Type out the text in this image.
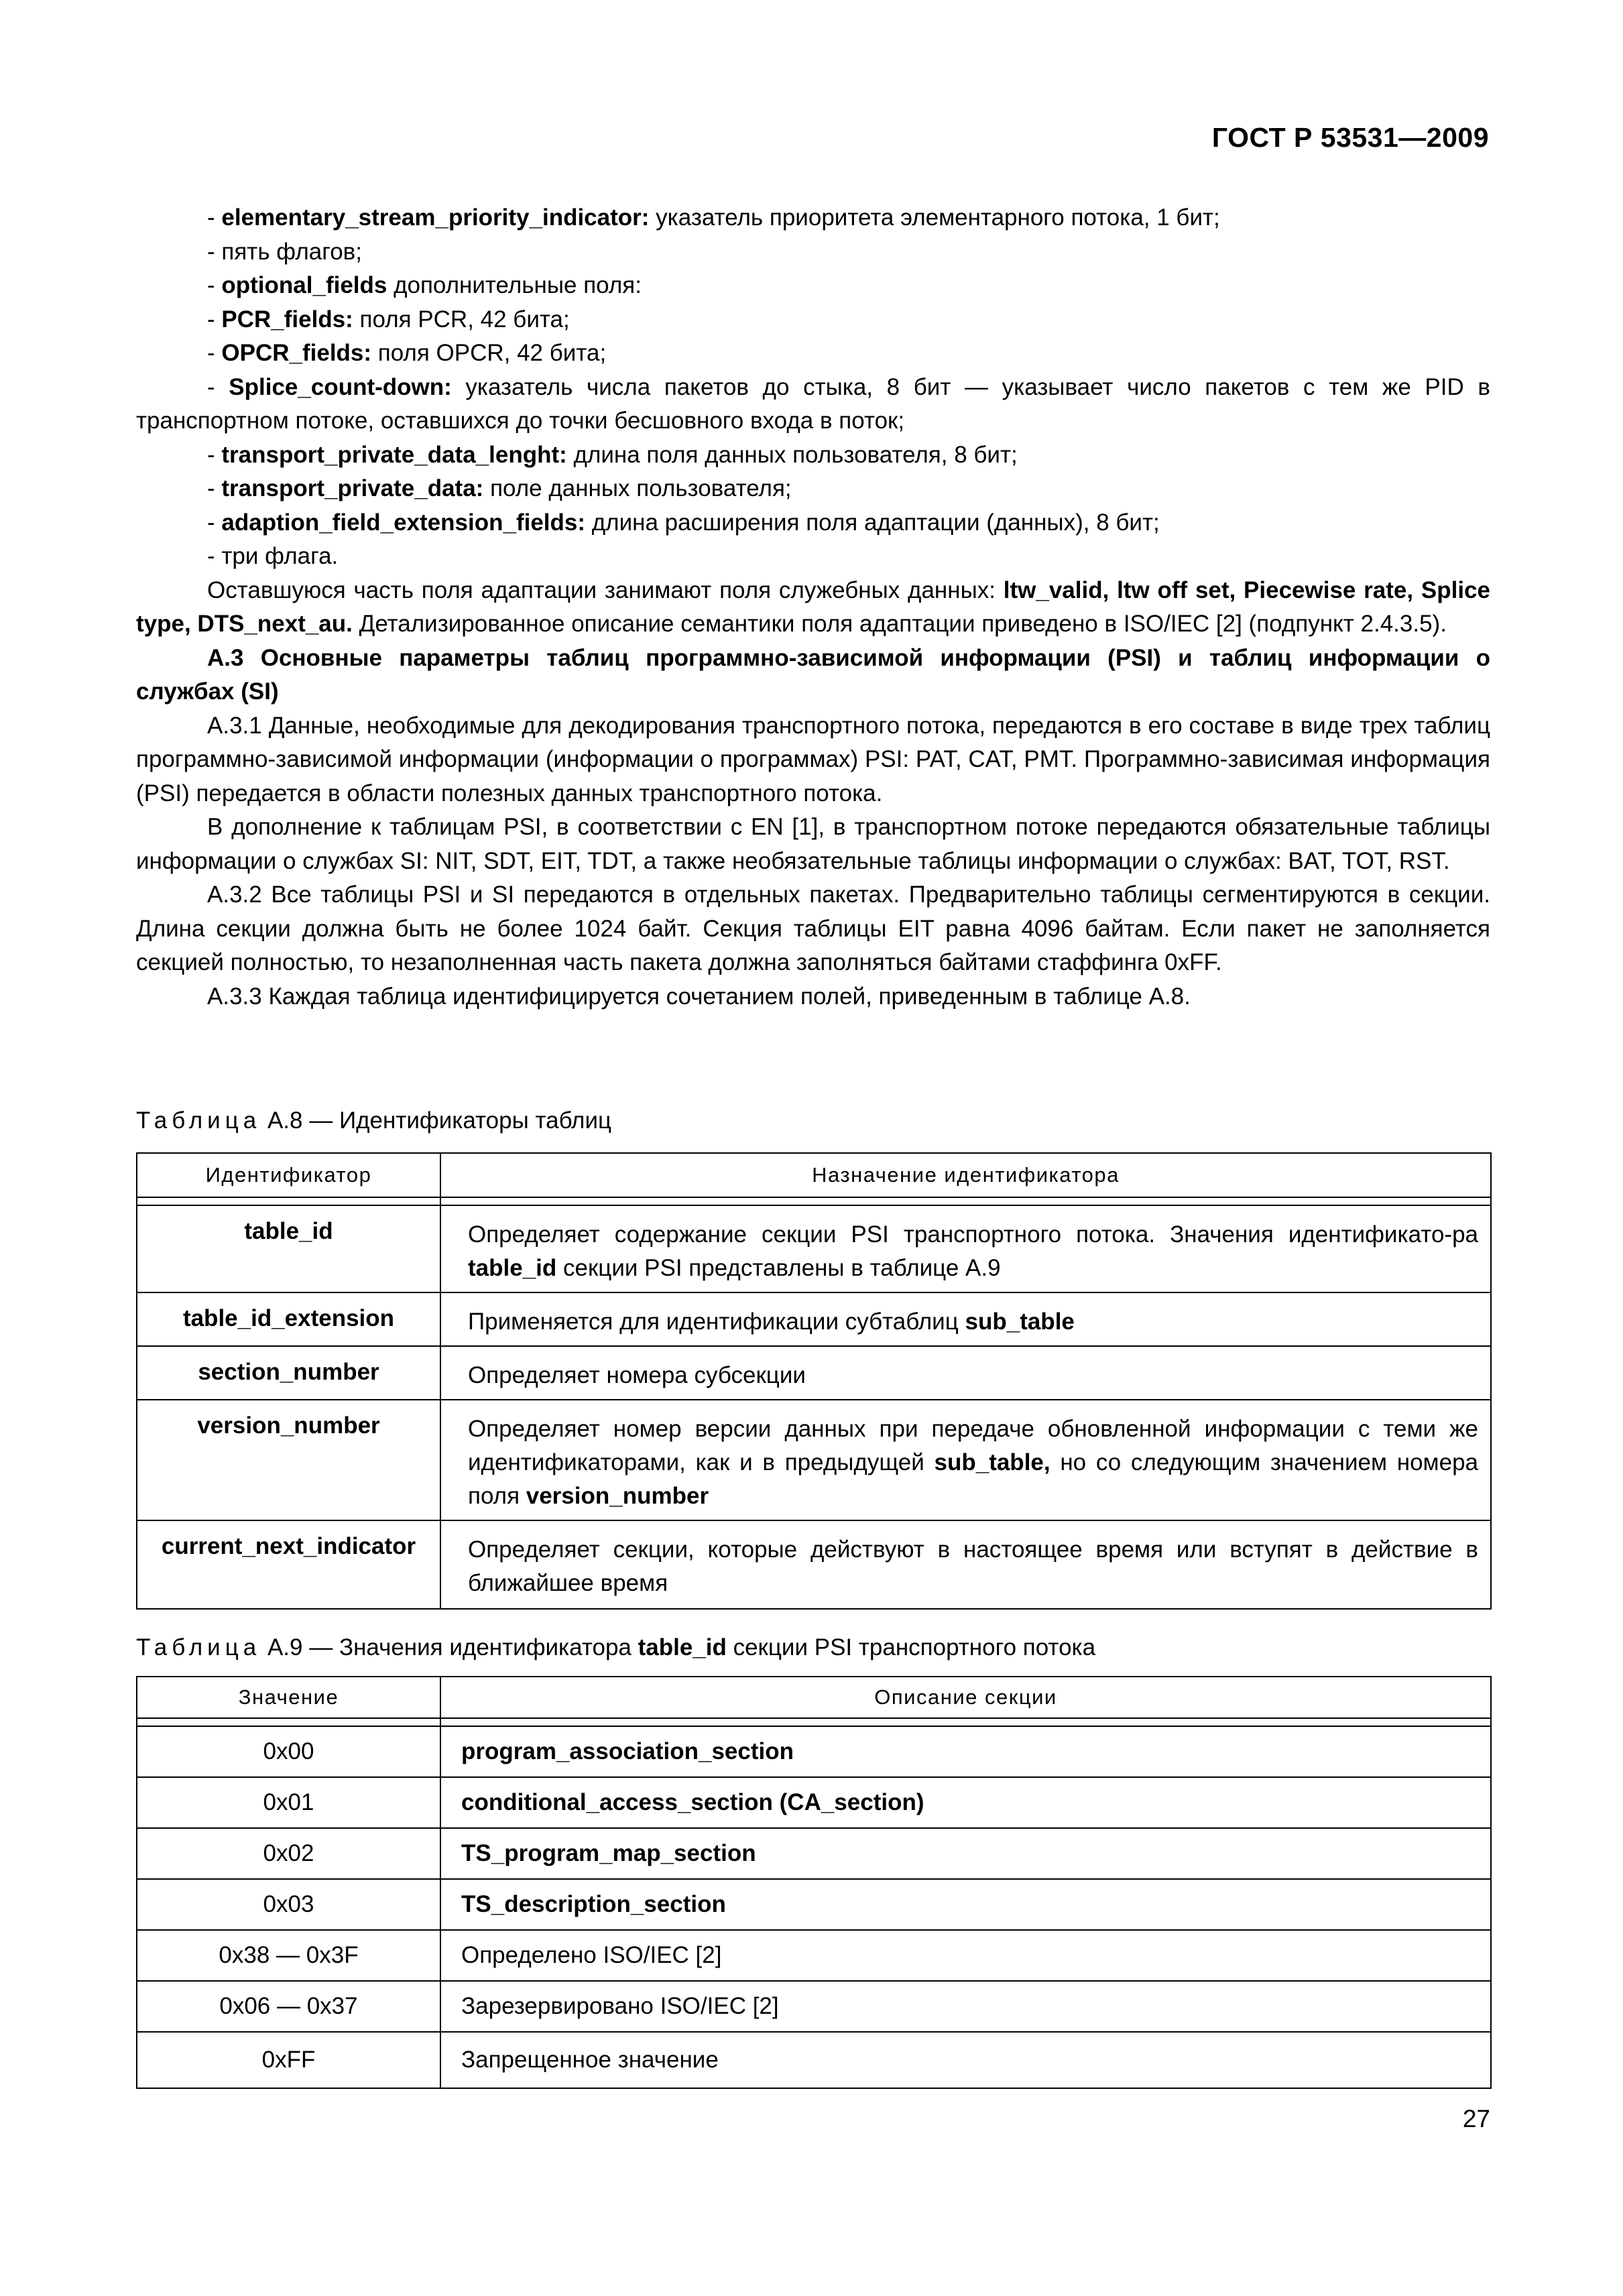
ГОСТ Р 53531—2009

- elementary_stream_priority_indicator: указатель приоритета элементарного потока, 1 бит;

- пять флагов;

- optional_fields дополнительные поля:

- PCR_fields: поля PCR, 42 бита;

- OPCR_fields: поля OPCR, 42 бита;

- Splice_count-down: указатель числа пакетов до стыка, 8 бит — указывает число пакетов с тем же PID в транспортном потоке, оставшихся до точки бесшовного входа в поток;

- transport_private_data_lenght: длина поля данных пользователя, 8 бит;

- transport_private_data: поле данных пользователя;

- adaption_field_extension_fields: длина расширения поля адаптации (данных), 8 бит;

- три флага.

Оставшуюся часть поля адаптации занимают поля служебных данных: ltw_valid, ltw off set, Piecewise rate, Splice type, DTS_next_au. Детализированное описание семантики поля адаптации приведено в ISO/IEC [2] (подпункт 2.4.3.5).

А.3 Основные параметры таблиц программно-зависимой информации (PSI) и таблиц информации о службах (SI)

А.3.1 Данные, необходимые для декодирования транспортного потока, передаются в его составе в виде трех таблиц программно-зависимой информации (информации о программах) PSI: PAT, CAT, PMT. Программно-зависимая информация (PSI) передается в области полезных данных транспортного потока.

В дополнение к таблицам PSI, в соответствии с EN [1], в транспортном потоке передаются обязательные таблицы информации о службах SI: NIT, SDT, EIT, TDT, а также необязательные таблицы информации о службах: BAT, TOT, RST.

А.3.2 Все таблицы PSI и SI передаются в отдельных пакетах. Предварительно таблицы сегментируются в секции. Длина секции должна быть не более 1024 байт. Секция таблицы EIT равна 4096 байтам. Если пакет не заполняется секцией полностью, то незаполненная часть пакета должна заполняться байтами стаффинга 0xFF.

А.3.3 Каждая таблица идентифицируется сочетанием полей, приведенным в таблице А.8.

Таблица А.8 — Идентификаторы таблиц
Идентификатор	Назначение идентификатора

table_id	Определяет содержание секции PSI транспортного потока. Значения идентификато-ра table_id секции PSI представлены в таблице А.9
table_id_extension	Применяется для идентификации субтаблиц sub_table
section_number	Определяет номера субсекции
version_number	Определяет номер версии данных при передаче обновленной информации с теми же идентификаторами, как и в предыдущей sub_table, но со следующим значением номера поля version_number
current_next_indicator	Определяет секции, которые действуют в настоящее время или вступят в действие в ближайшее время
Таблица А.9 — Значения идентификатора table_id секции PSI транспортного потока
Значение	Описание секции

0x00	program_association_section
0x01	conditional_access_section (CA_section)
0x02	TS_program_map_section
0x03	TS_description_section
0x38 — 0x3F	Определено ISO/IEC [2]
0x06 — 0x37	Зарезервировано ISO/IEC [2]
0xFF	Запрещенное значение
27
